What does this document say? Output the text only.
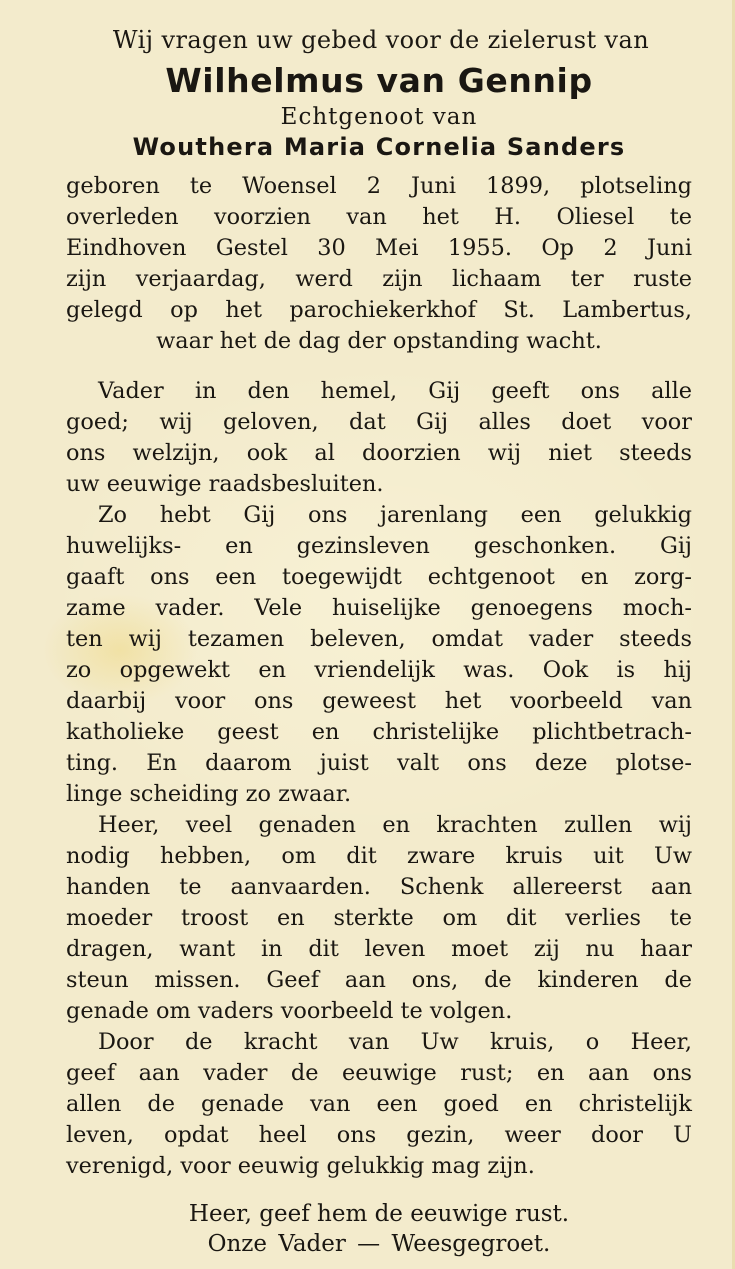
Wij vragen uw gebed voor de zielerust van
Wilhelmus van Gennip
Echtgenoot van
Wouthera Maria Cornelia Sanders
geboren te Woensel 2 Juni 1899, plotseling
overleden voorzien van het H. Oliesel te
Eindhoven Gestel 30 Mei 1955. Op 2 Juni
zijn verjaardag, werd zijn lichaam ter ruste
gelegd op het parochiekerkhof St. Lambertus,
waar het de dag der opstanding wacht.
Vader in den hemel, Gij geeft ons alle
goed; wij geloven, dat Gij alles doet voor
ons welzijn, ook al doorzien wij niet steeds
uw eeuwige raadsbesluiten.
Zo hebt Gij ons jarenlang een gelukkig
huwelijks- en gezinsleven geschonken. Gij
gaaft ons een toegewijdt echtgenoot en zorg-
zame vader. Vele huiselijke genoegens moch-
ten wij tezamen beleven, omdat vader steeds
zo opgewekt en vriendelijk was. Ook is hij
daarbij voor ons geweest het voorbeeld van
katholieke geest en christelijke plichtbetrach-
ting. En daarom juist valt ons deze plotse-
linge scheiding zo zwaar.
Heer, veel genaden en krachten zullen wij
nodig hebben, om dit zware kruis uit Uw
handen te aanvaarden. Schenk allereerst aan
moeder troost en sterkte om dit verlies te
dragen, want in dit leven moet zij nu haar
steun missen. Geef aan ons, de kinderen de
genade om vaders voorbeeld te volgen.
Door de kracht van Uw kruis, o Heer,
geef aan vader de eeuwige rust; en aan ons
allen de genade van een goed en christelijk
leven, opdat heel ons gezin, weer door U
verenigd, voor eeuwig gelukkig mag zijn.
Heer, geef hem de eeuwige rust.
Onze Vader — Weesgegroet.
